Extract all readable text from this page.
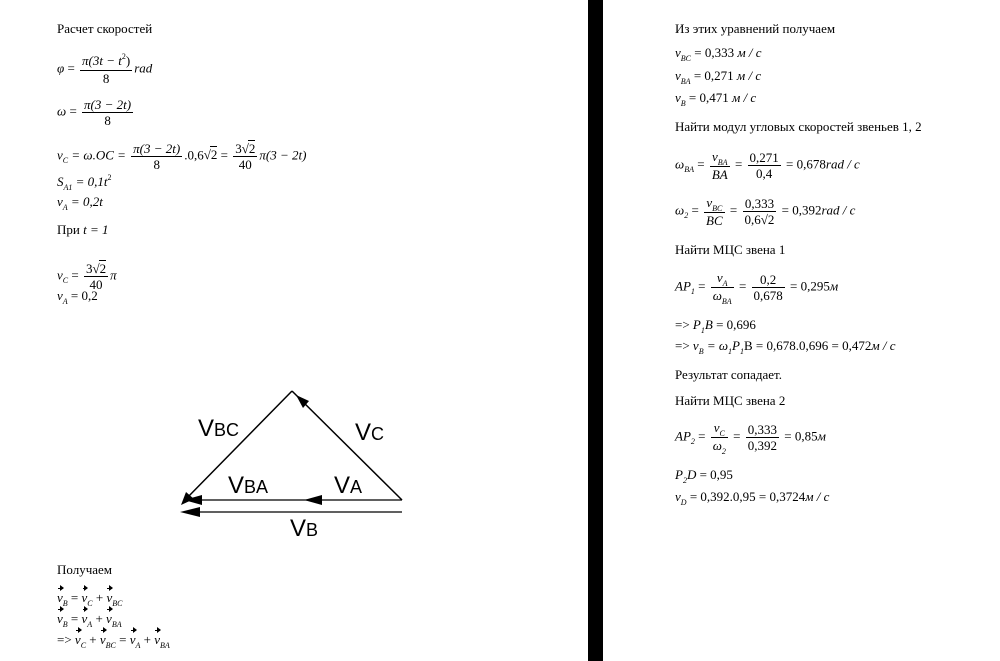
Расчет скоростей
$\varphi = \frac{\pi(3t - t^2)}{8}$ rad
$\omega = \frac{\pi(3 - 2t)}{8}$
$v_C = \omega.OC = \frac{\pi(3 - 2t)}{8} .0,6√2 = \frac{3√2}{40} \pi(3 - 2t)$
$S_{A1} = 0,1t^2$
$v_A = 0,2t$
При t = 1
$v_C = \frac{3√2}{40}$ π
$v_A = 0,2$
VBC	VC
VBA	VA
VB
Получаем
$v_B = v_C + v_{BC}$
$v_B = v_A + v_{BA}$
=> $v_C + v_{BC} = v_A + v_{BA}$
Из этих уравнений получаем
$v_{BC} = 0,333$ м / с
$v_{BA} = 0,271$ м / с
$v_B = 0,471$ м / с
Найти модул угловых скоростей звеньев 1, 2
$\omega_{BA} = \frac{v_{BA}}{BA} = \frac{0,271}{0,4} = 0,678rad / c$
$\omega_2 = \frac{v_{BC}}{BC} = \frac{0,333}{0,6√2} = 0,392rad / c$
Найти МЦС звена 1
$AP_1 = \frac{v_A}{\omega_{BA}} = \frac{0,2}{0,678} = 0,295м$
=> $P_1B = 0,696$
=> $v_B = \omega_1P_1B = 0,678.0,696 = 0,472м / с$
Результат сопадает.
Найти МЦС звена 2
$AP_2 = \frac{v_C}{\omega_2} = \frac{0,333}{0,392} = 0,85м$
$P_2D = 0,95$
$v_D = 0,392.0,95 = 0,3724м / с$
